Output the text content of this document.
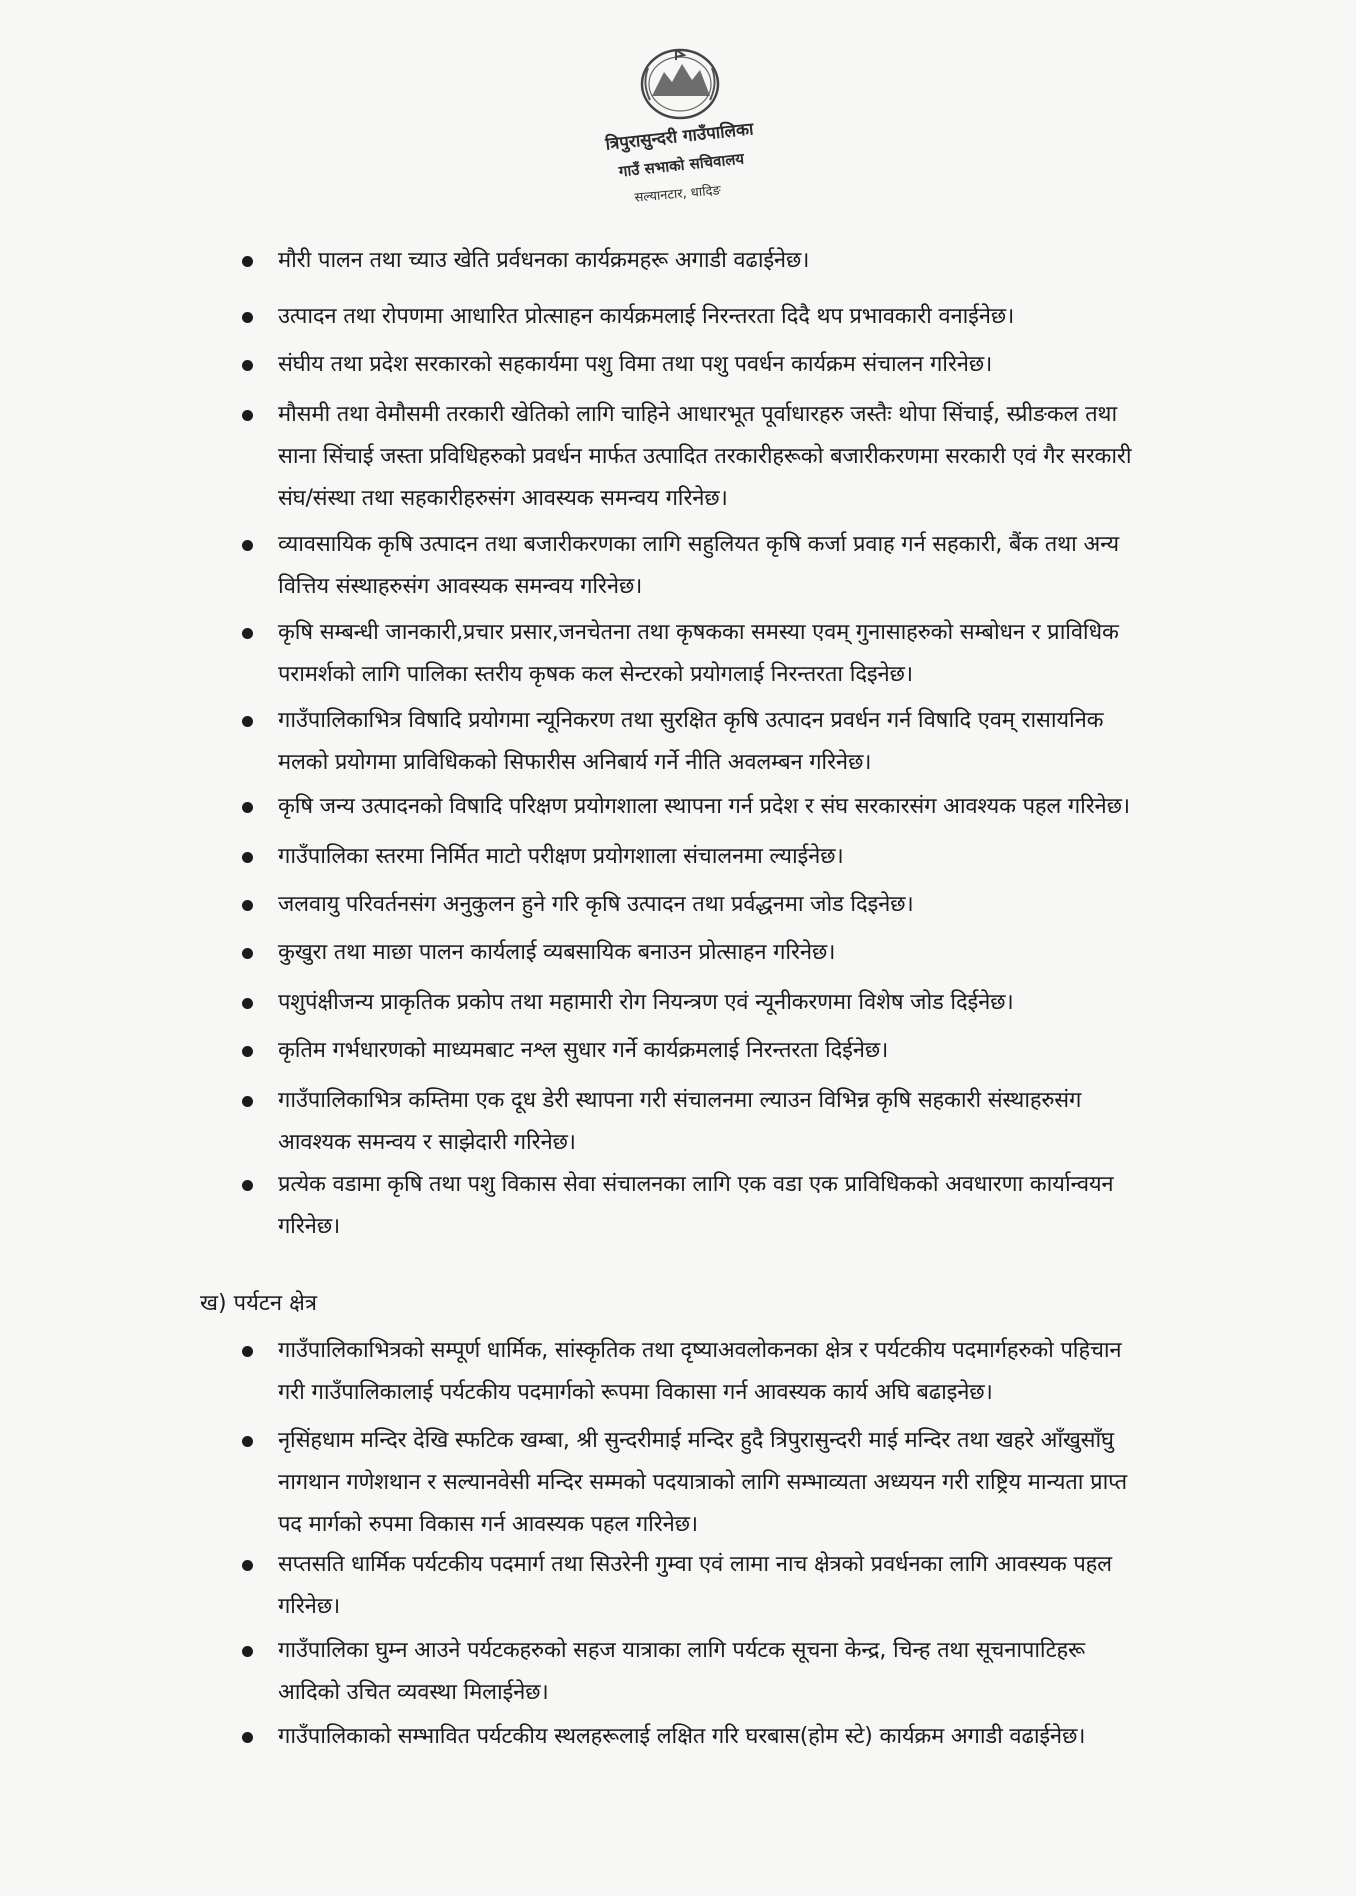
त्रिपुरासुन्दरी गाउँपालिका
गाउँ सभाको सचिवालय
सल्यानटार, धादिङ
मौरी पालन तथा च्याउ खेति प्रर्वधनका कार्यक्रमहरू अगाडी वढाईनेछ।
उत्पादन तथा रोपणमा आधारित प्रोत्साहन कार्यक्रमलाई निरन्तरता दिदै थप प्रभावकारी वनाईनेछ।
संघीय तथा प्रदेश सरकारको सहकार्यमा पशु विमा तथा पशु पवर्धन कार्यक्रम संचालन गरिनेछ।
मौसमी तथा वेमौसमी तरकारी खेतिको लागि चाहिने आधारभूत पूर्वाधारहरु जस्तैः थोपा सिंचाई, स्प्रीङकल तथा
साना सिंचाई जस्ता प्रविधिहरुको प्रवर्धन मार्फत उत्पादित तरकारीहरूको बजारीकरणमा सरकारी एवं गैर सरकारी
संघ/संस्था तथा सहकारीहरुसंग आवस्यक समन्वय गरिनेछ।
व्यावसायिक कृषि उत्पादन तथा बजारीकरणका लागि सहुलियत कृषि कर्जा प्रवाह गर्न सहकारी, बैंक तथा अन्य
वित्तिय संस्थाहरुसंग आवस्यक समन्वय गरिनेछ।
कृषि सम्बन्धी जानकारी,प्रचार प्रसार,जनचेतना तथा कृषकका समस्या एवम् गुनासाहरुको सम्बोधन र प्राविधिक
परामर्शको लागि पालिका स्तरीय कृषक कल सेन्टरको प्रयोगलाई निरन्तरता दिइनेछ।
गाउँपालिकाभित्र विषादि प्रयोगमा न्यूनिकरण तथा सुरक्षित कृषि उत्पादन प्रवर्धन गर्न विषादि एवम् रासायनिक
मलको प्रयोगमा प्राविधिकको सिफारीस अनिबार्य गर्ने नीति अवलम्बन गरिनेछ।
कृषि जन्य उत्पादनको विषादि परिक्षण प्रयोगशाला स्थापना गर्न प्रदेश र संघ सरकारसंग आवश्यक पहल गरिनेछ।
गाउँपालिका स्तरमा निर्मित माटो परीक्षण प्रयोगशाला संचालनमा ल्याईनेछ।
जलवायु परिवर्तनसंग अनुकुलन हुने गरि कृषि उत्पादन तथा प्रर्वद्धनमा जोड दिइनेछ।
कुखुरा तथा माछा पालन कार्यलाई व्यबसायिक बनाउन प्रोत्साहन गरिनेछ।
पशुपंक्षीजन्य प्राकृतिक प्रकोप तथा महामारी रोग नियन्त्रण एवं न्यूनीकरणमा विशेष जोड दिईनेछ।
कृतिम गर्भधारणको माध्यमबाट नश्ल सुधार गर्ने कार्यक्रमलाई निरन्तरता दिईनेछ।
गाउँपालिकाभित्र कम्तिमा एक दूध डेरी स्थापना गरी संचालनमा ल्याउन विभिन्न कृषि सहकारी संस्थाहरुसंग
आवश्यक समन्वय र साझेदारी गरिनेछ।
प्रत्येक वडामा कृषि तथा पशु विकास सेवा संचालनका लागि एक वडा एक प्राविधिकको अवधारणा कार्यान्वयन
गरिनेछ।
ख) पर्यटन क्षेत्र
गाउँपालिकाभित्रको सम्पूर्ण धार्मिक, सांस्कृतिक तथा दृष्याअवलोकनका क्षेत्र र पर्यटकीय पदमार्गहरुको पहिचान
गरी गाउँपालिकालाई पर्यटकीय पदमार्गको रूपमा विकासा गर्न आवस्यक कार्य अघि बढाइनेछ।
नृसिंहधाम मन्दिर देखि स्फटिक खम्बा, श्री सुन्दरीमाई मन्दिर हुदै त्रिपुरासुन्दरी माई मन्दिर तथा खहरे आँखुसाँघु
नागथान गणेशथान र सल्यानवेसी मन्दिर सम्मको पदयात्राको लागि सम्भाव्यता अध्ययन गरी राष्ट्रिय मान्यता प्राप्त
पद मार्गको रुपमा विकास गर्न आवस्यक पहल गरिनेछ।
सप्तसति धार्मिक पर्यटकीय पदमार्ग तथा सिउरेनी गुम्वा एवं लामा नाच क्षेत्रको प्रवर्धनका लागि आवस्यक पहल
गरिनेछ।
गाउँपालिका घुम्न आउने पर्यटकहरुको सहज यात्राका लागि पर्यटक सूचना केन्द्र, चिन्ह तथा सूचनापाटिहरू
आदिको उचित व्यवस्था मिलाईनेछ।
गाउँपालिकाको सम्भावित पर्यटकीय स्थलहरूलाई लक्षित गरि घरबास(होम स्टे) कार्यक्रम अगाडी वढाईनेछ।
